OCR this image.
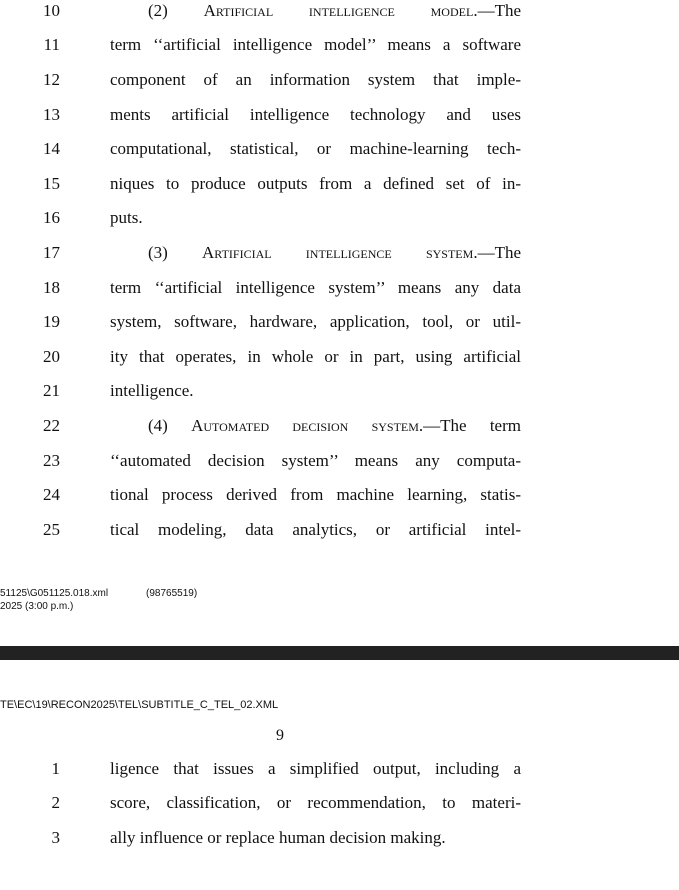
10	(2) Artificial intelligence model.—The
11	term ‘‘artificial intelligence model’’ means a software
12	component of an information system that imple-
13	ments artificial intelligence technology and uses
14	computational, statistical, or machine-learning tech-
15	niques to produce outputs from a defined set of in-
16	puts.
17	(3) Artificial intelligence system.—The
18	term ‘‘artificial intelligence system’’ means any data
19	system, software, hardware, application, tool, or util-
20	ity that operates, in whole or in part, using artificial
21	intelligence.
22	(4) Automated decision system.—The term
23	‘‘automated decision system’’ means any computa-
24	tional process derived from machine learning, statis-
25	tical modeling, data analytics, or artificial intel-
51125\G051125.018.xml	(98765519)
2025 (3:00 p.m.)
TE\EC\19\RECON2025\TEL\SUBTITLE_C_TEL_02.XML
9
1	ligence that issues a simplified output, including a
2	score, classification, or recommendation, to materi-
3	ally influence or replace human decision making.
